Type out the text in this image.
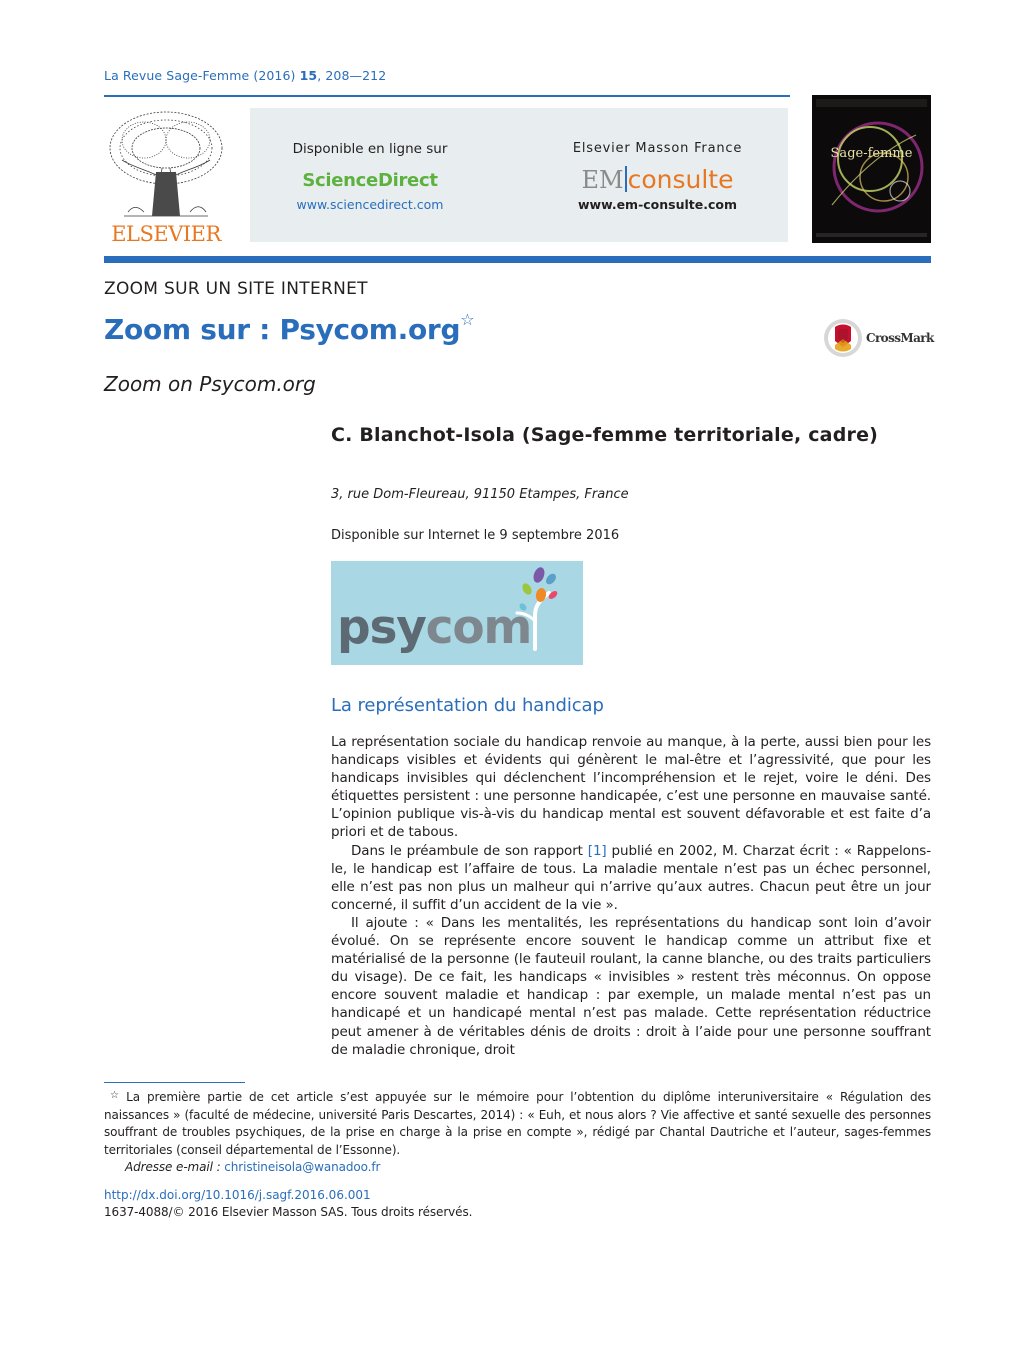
La Revue Sage-Femme (2016) 15, 208—212
ELSEVIER
Disponible en ligne sur
ScienceDirect
www.sciencedirect.com
Elsevier Masson France
EM consulte
www.em-consulte.com
Sage-femme
ZOOM SUR UN SITE INTERNET
Zoom sur : Psycom.org☆
CrossMark
Zoom on Psycom.org
C. Blanchot-Isola (Sage-femme territoriale, cadre)
3, rue Dom-Fleureau, 91150 Etampes, France
Disponible sur Internet le 9 septembre 2016
psycom
La représentation du handicap

La représentation sociale du handicap renvoie au manque, à la perte, aussi bien pour les handicaps visibles et évidents qui génèrent le mal-être et l’agressivité, que pour les handicaps invisibles qui déclenchent l’incompréhension et le rejet, voire le déni. Des étiquettes persistent : une personne handicapée, c’est une personne en mauvaise santé. L’opinion publique vis-à-vis du handicap mental est souvent défavorable et est faite d’a priori et de tabous.

Dans le préambule de son rapport [1] publié en 2002, M. Charzat écrit : « Rappelons-le, le handicap est l’affaire de tous. La maladie mentale n’est pas un échec personnel, elle n’est pas non plus un malheur qui n’arrive qu’aux autres. Chacun peut être un jour concerné, il suffit d’un accident de la vie ».

Il ajoute : « Dans les mentalités, les représentations du handicap sont loin d’avoir évolué. On se représente encore souvent le handicap comme un attribut fixe et matérialisé de la personne (le fauteuil roulant, la canne blanche, ou des traits particuliers du visage). De ce fait, les handicaps « invisibles » restent très méconnus. On oppose encore souvent maladie et handicap : par exemple, un malade mental n’est pas un handicapé et un handicapé mental n’est pas malade. Cette représentation réductrice peut amener à de véritables dénis de droits : droit à l’aide pour une personne souffrant de maladie chronique, droit

☆ La première partie de cet article s’est appuyée sur le mémoire pour l’obtention du diplôme interuniversitaire « Régulation des naissances » (faculté de médecine, université Paris Descartes, 2014) : « Euh, et nous alors ? Vie affective et santé sexuelle des personnes souffrant de troubles psychiques, de la prise en charge à la prise en compte », rédigé par Chantal Dautriche et l’auteur, sages-femmes territoriales (conseil départemental de l’Essonne).

Adresse e-mail : christineisola@wanadoo.fr

http://dx.doi.org/10.1016/j.sagf.2016.06.001
1637-4088/© 2016 Elsevier Masson SAS. Tous droits réservés.
